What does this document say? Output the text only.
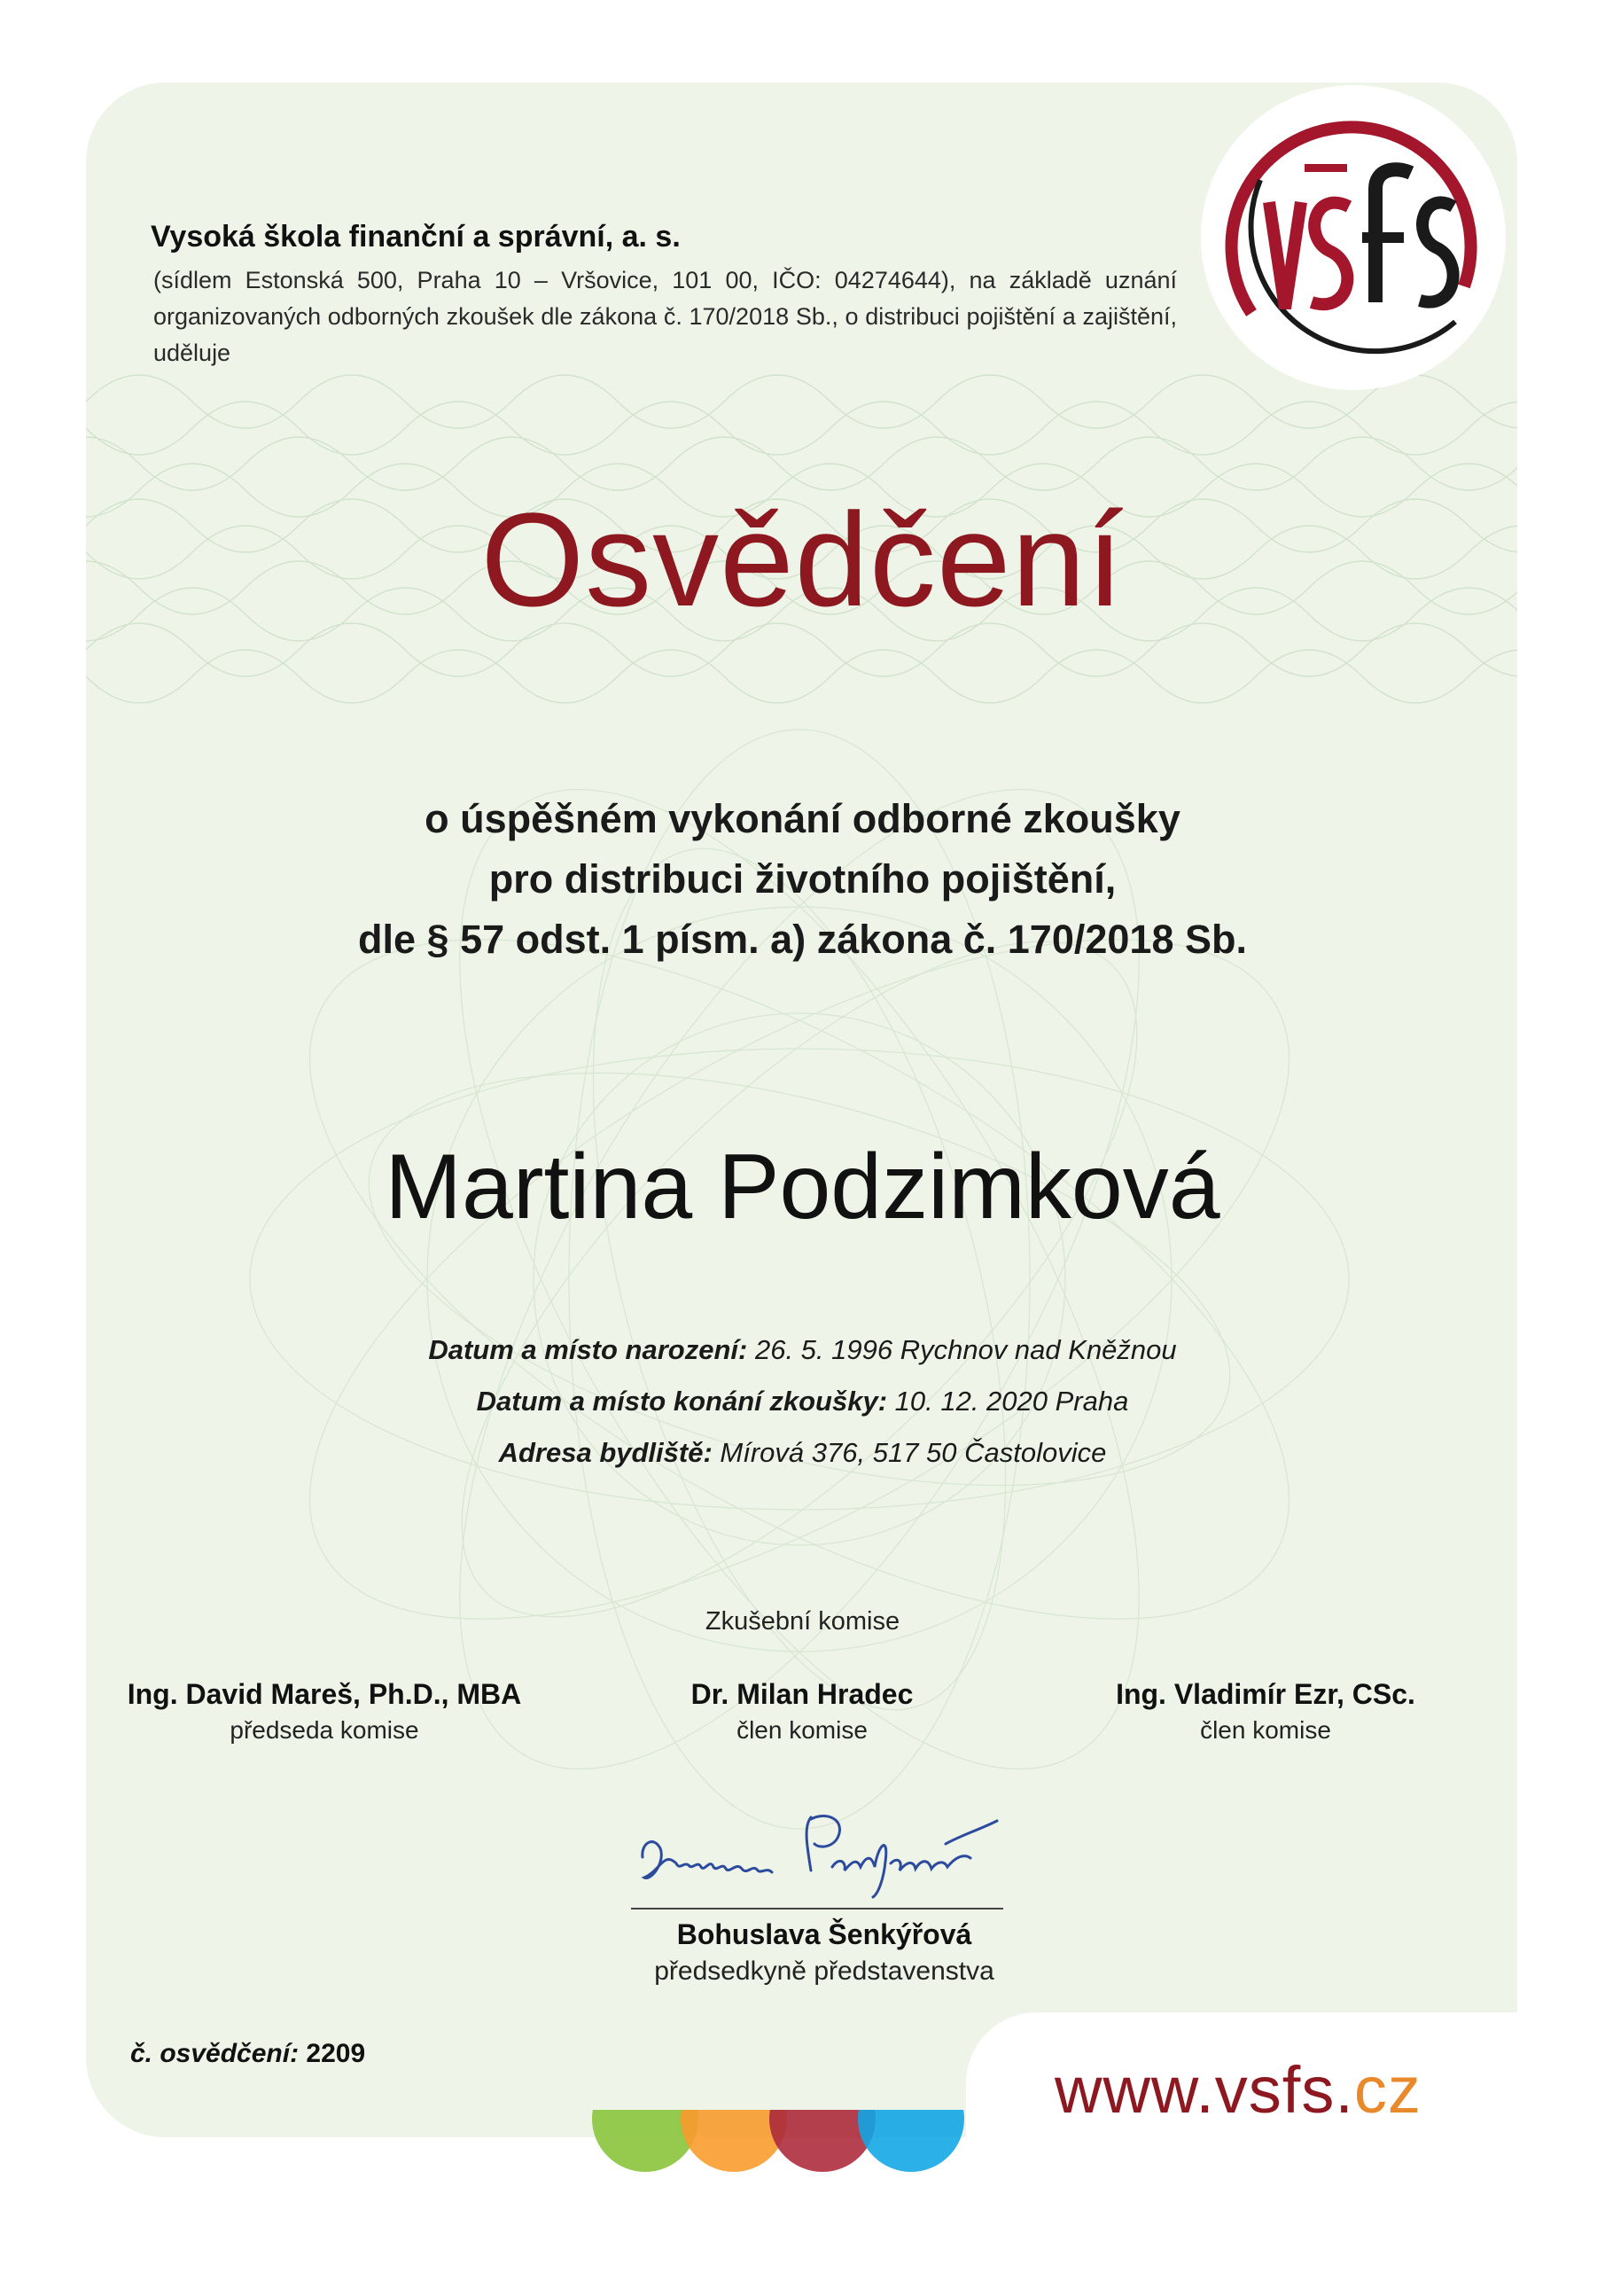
Vysoká škola finanční a správní, a. s.
(sídlem Estonská 500, Praha 10 – Vršovice, 101 00, IČO: 04274644), na základě uznání organizovaných odborných zkoušek dle zákona č. 170/2018 Sb., o distribuci pojištění a zajištění, uděluje
Osvědčení
o úspěšném vykonání odborné zkoušky
pro distribuci životního pojištění,
dle § 57 odst. 1 písm. a) zákona č. 170/2018 Sb.
Martina Podzimková
Datum a místo narození: 26. 5. 1996 Rychnov nad Kněžnou
Datum a místo konání zkoušky: 10. 12. 2020 Praha
Adresa bydliště: Mírová 376, 517 50 Častolovice
Zkušební komise
Ing. David Mareš, Ph.D., MBA
předseda komise
Dr. Milan Hradec
člen komise
Ing. Vladimír Ezr, CSc.
člen komise
Bohuslava Šenkýřová
předsedkyně představenstva
č. osvědčení: 2209	www.vsfs.cz
